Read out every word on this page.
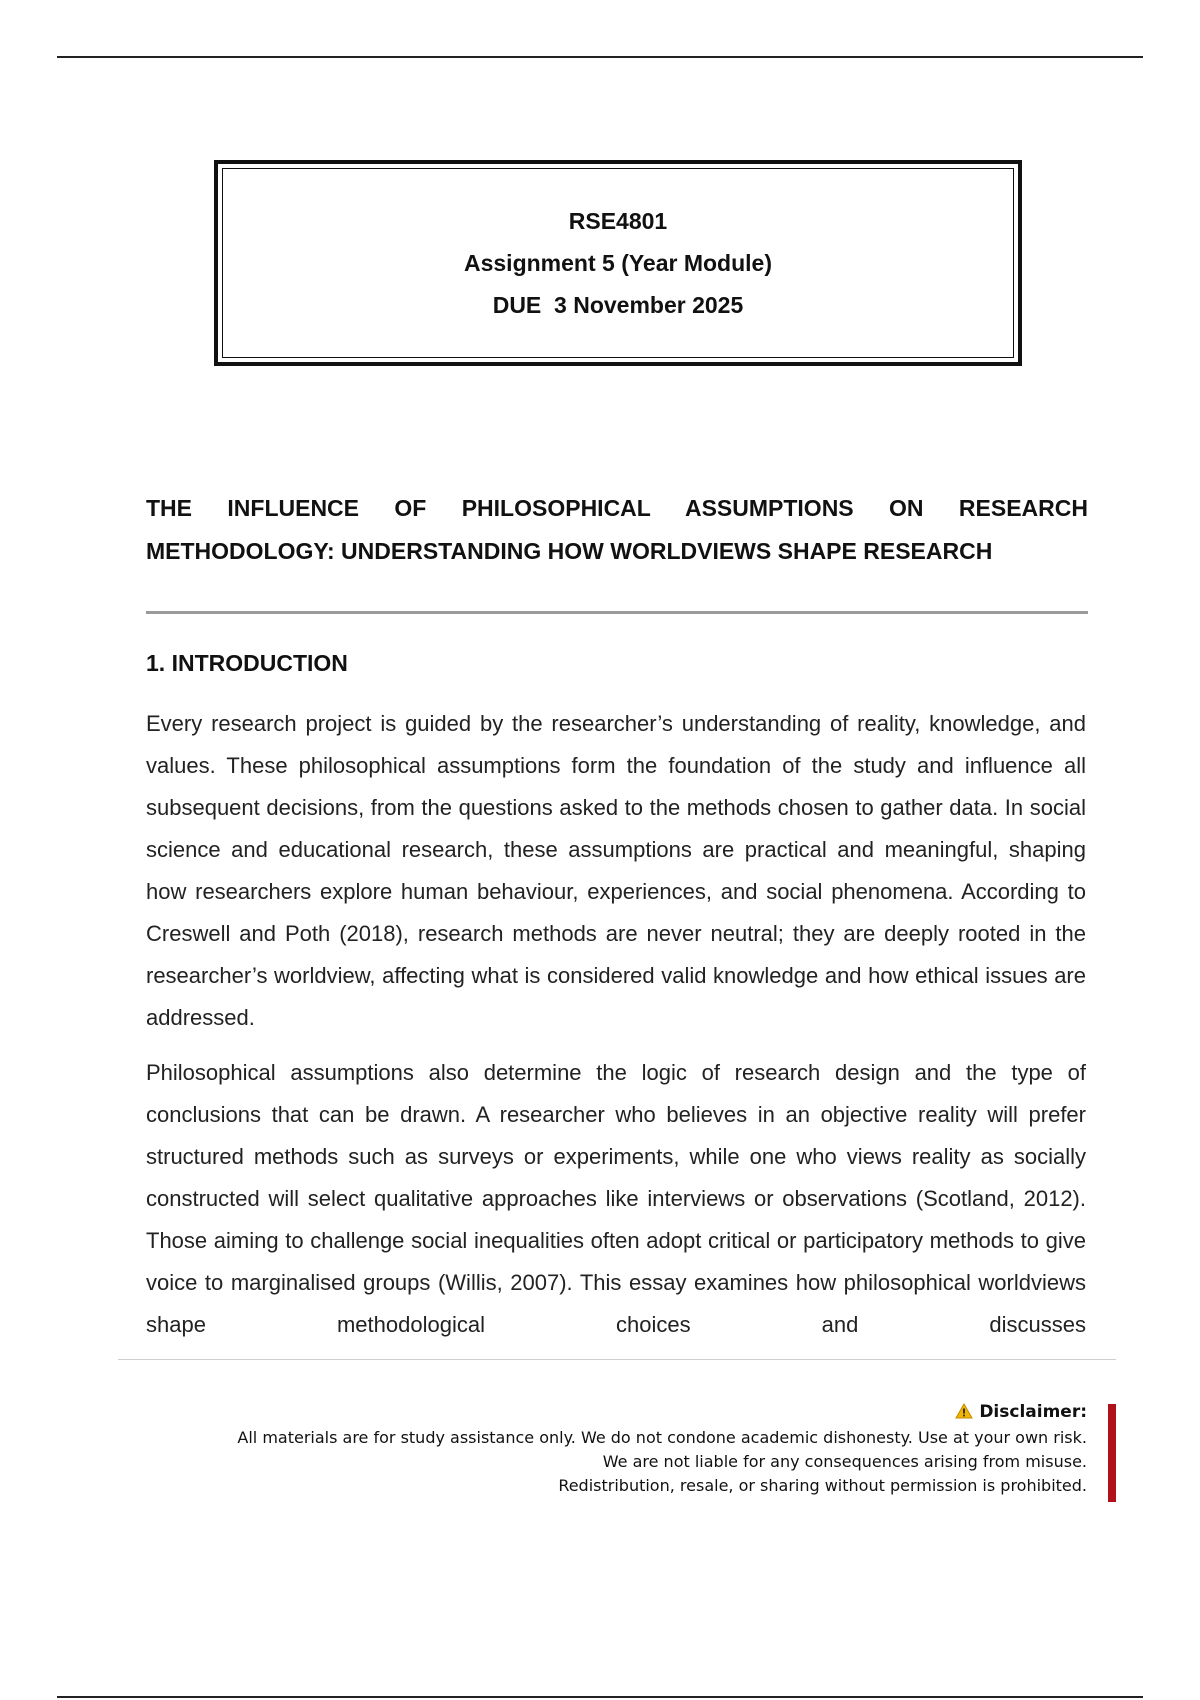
RSE4801
Assignment 5 (Year Module)
DUE  3 November 2025
THE INFLUENCE OF PHILOSOPHICAL ASSUMPTIONS ON RESEARCH METHODOLOGY: UNDERSTANDING HOW WORLDVIEWS SHAPE RESEARCH
1. INTRODUCTION

Every research project is guided by the researcher’s understanding of reality, knowledge, and values. These philosophical assumptions form the foundation of the study and influence all subsequent decisions, from the questions asked to the methods chosen to gather data. In social science and educational research, these assumptions are practical and meaningful, shaping how researchers explore human behaviour, experiences, and social phenomena. According to Creswell and Poth (2018), research methods are never neutral; they are deeply rooted in the researcher’s worldview, affecting what is considered valid knowledge and how ethical issues are addressed.

Philosophical assumptions also determine the logic of research design and the type of conclusions that can be drawn. A researcher who believes in an objective reality will prefer structured methods such as surveys or experiments, while one who views reality as socially constructed will select qualitative approaches like interviews or observations (Scotland, 2012). Those aiming to challenge social inequalities often adopt critical or participatory methods to give voice to marginalised groups (Willis, 2007). This essay examines how philosophical worldviews shape methodological choices and discusses

Disclaimer:
All materials are for study assistance only. We do not condone academic dishonesty. Use at your own risk.
We are not liable for any consequences arising from misuse.
Redistribution, resale, or sharing without permission is prohibited.
